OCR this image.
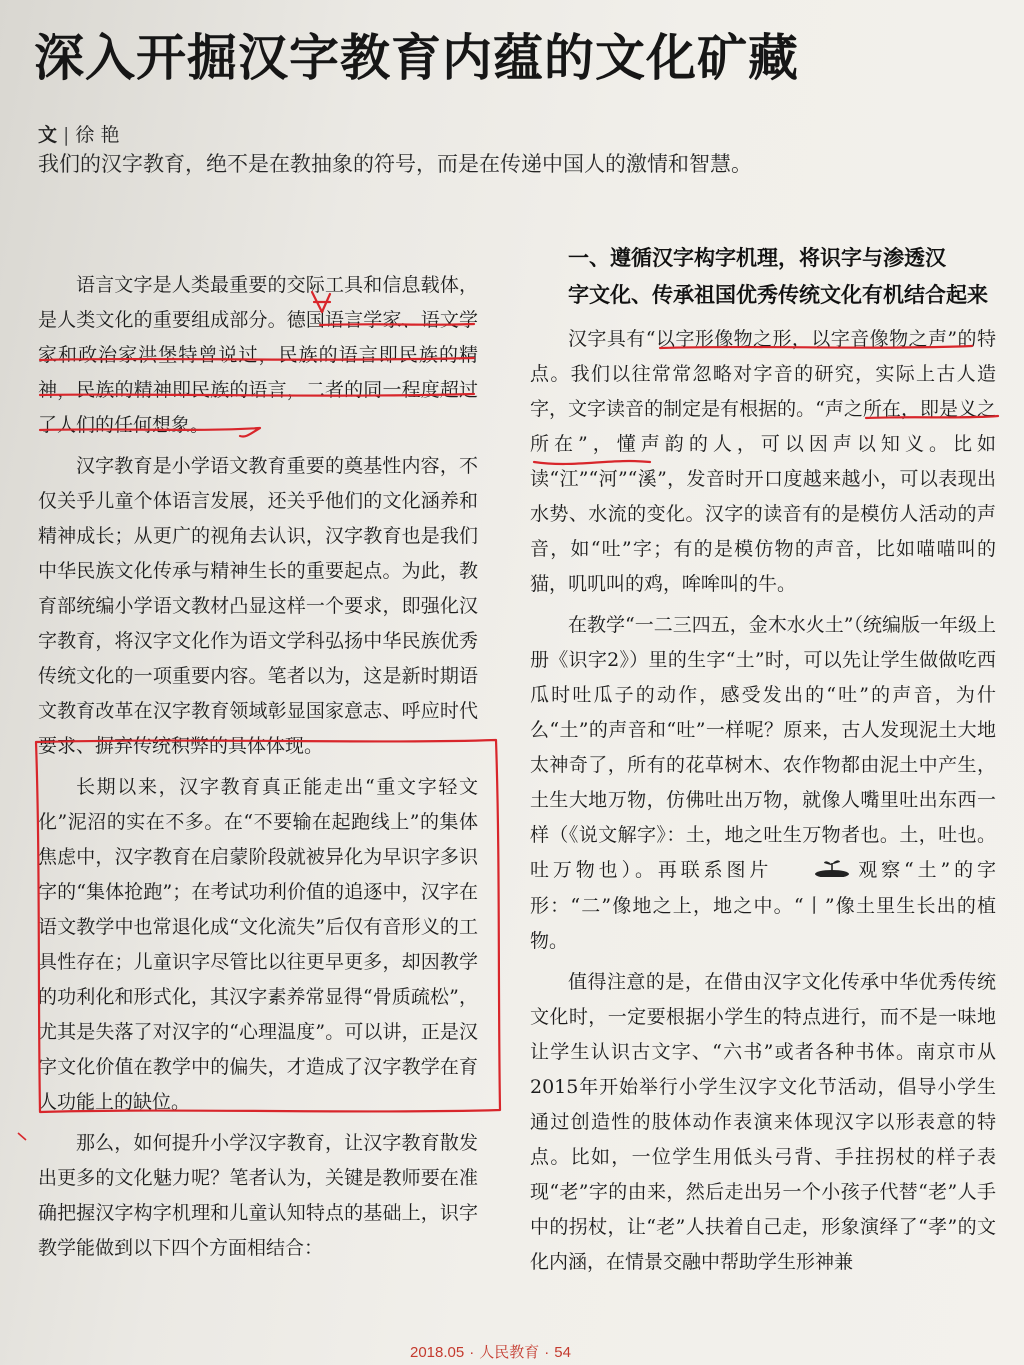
深入开掘汉字教育内蕴的文化矿藏
文 | 徐 艳
我们的汉字教育，绝不是在教抽象的符号，而是在传递中国人的激情和智慧。

语言文字是人类最重要的交际工具和信息载体，是人类文化的重要组成部分。德国语言学家、语文学家和政治家洪堡特曾说过，民族的语言即民族的精神，民族的精神即民族的语言，二者的同一程度超过了人们的任何想象。

汉字教育是小学语文教育重要的奠基性内容，不仅关乎儿童个体语言发展，还关乎他们的文化涵养和精神成长；从更广的视角去认识，汉字教育也是我们中华民族文化传承与精神生长的重要起点。为此，教育部统编小学语文教材凸显这样一个要求，即强化汉字教育，将汉字文化作为语文学科弘扬中华民族优秀传统文化的一项重要内容。笔者以为，这是新时期语文教育改革在汉字教育领域彰显国家意志、呼应时代要求、摒弃传统积弊的具体体现。

长期以来，汉字教育真正能走出“重文字轻文化”泥沼的实在不多。在“不要输在起跑线上”的集体焦虑中，汉字教育在启蒙阶段就被异化为早识字多识字的“集体抢跑”；在考试功利价值的追逐中，汉字在语文教学中也常退化成“文化流失”后仅有音形义的工具性存在；儿童识字尽管比以往更早更多，却因教学的功利化和形式化，其汉字素养常显得“骨质疏松”，尤其是失落了对汉字的“心理温度”。可以讲，正是汉字文化价值在教学中的偏失，才造成了汉字教学在育人功能上的缺位。

那么，如何提升小学汉字教育，让汉字教育散发出更多的文化魅力呢？笔者认为，关键是教师要在准确把握汉字构字机理和儿童认知特点的基础上，识字教学能做到以下四个方面相结合：

一、遵循汉字构字机理，将识字与渗透汉
字文化、传承祖国优秀传统文化有机结合起来

汉字具有“以字形像物之形，以字音像物之声”的特点。我们以往常常忽略对字音的研究，实际上古人造字，文字读音的制定是有根据的。“声之所在，即是义之所在”，懂声韵的人，可以因声以知义。比如读“江”“河”“溪”，发音时开口度越来越小，可以表现出水势、水流的变化。汉字的读音有的是模仿人活动的声音，如“吐”字；有的是模仿物的声音，比如喵喵叫的猫，叽叽叫的鸡，哞哞叫的牛。

在教学“一二三四五，金木水火土”（统编版一年级上册《识字2》）里的生字“土”时，可以先让学生做做吃西瓜时吐瓜子的动作，感受发出的“吐”的声音，为什么“土”的声音和“吐”一样呢？原来，古人发现泥土大地太神奇了，所有的花草树木、农作物都由泥土中产生，土生大地万物，仿佛吐出万物，就像人嘴里吐出东西一样（《说文解字》：土，地之吐生万物者也。土，吐也。吐万物也）。再联系图片	观察“土”的字形：“二”像地之上，地之中。“丨”像土里生长出的植物。

值得注意的是，在借由汉字文化传承中华优秀传统文化时，一定要根据小学生的特点进行，而不是一味地让学生认识古文字、“六书”或者各种书体。南京市从2015年开始举行小学生汉字文化节活动，倡导小学生通过创造性的肢体动作表演来体现汉字以形表意的特点。比如，一位学生用低头弓背、手拄拐杖的样子表现“老”字的由来，然后走出另一个小孩子代替“老”人手中的拐杖，让“老”人扶着自己走，形象演绎了“孝”的文化内涵，在情景交融中帮助学生形神兼

2018.05 · 人民教育 · 54
